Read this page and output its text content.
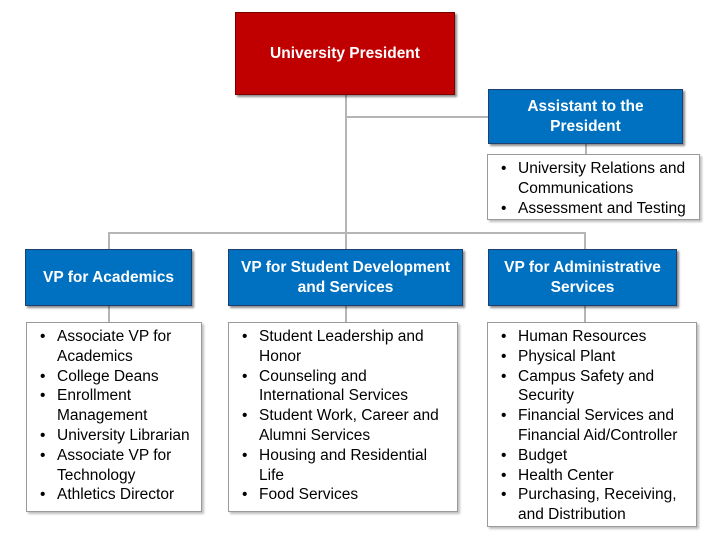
University President
Assistant to the President
• University Relations and Communications
• Assessment and Testing
VP for Academics
VP for Student Development and Services
VP for Administrative Services
• Associate VP for Academics
• College Deans
• Enrollment Management
• University Librarian
• Associate VP for Technology
• Athletics Director
• Student Leadership and Honor
• Counseling and International Services
• Student Work, Career and Alumni Services
• Housing and Residential Life
• Food Services
• Human Resources
• Physical Plant
• Campus Safety and Security
• Financial Services and Financial Aid/Controller
• Budget
• Health Center
• Purchasing, Receiving, and Distribution
